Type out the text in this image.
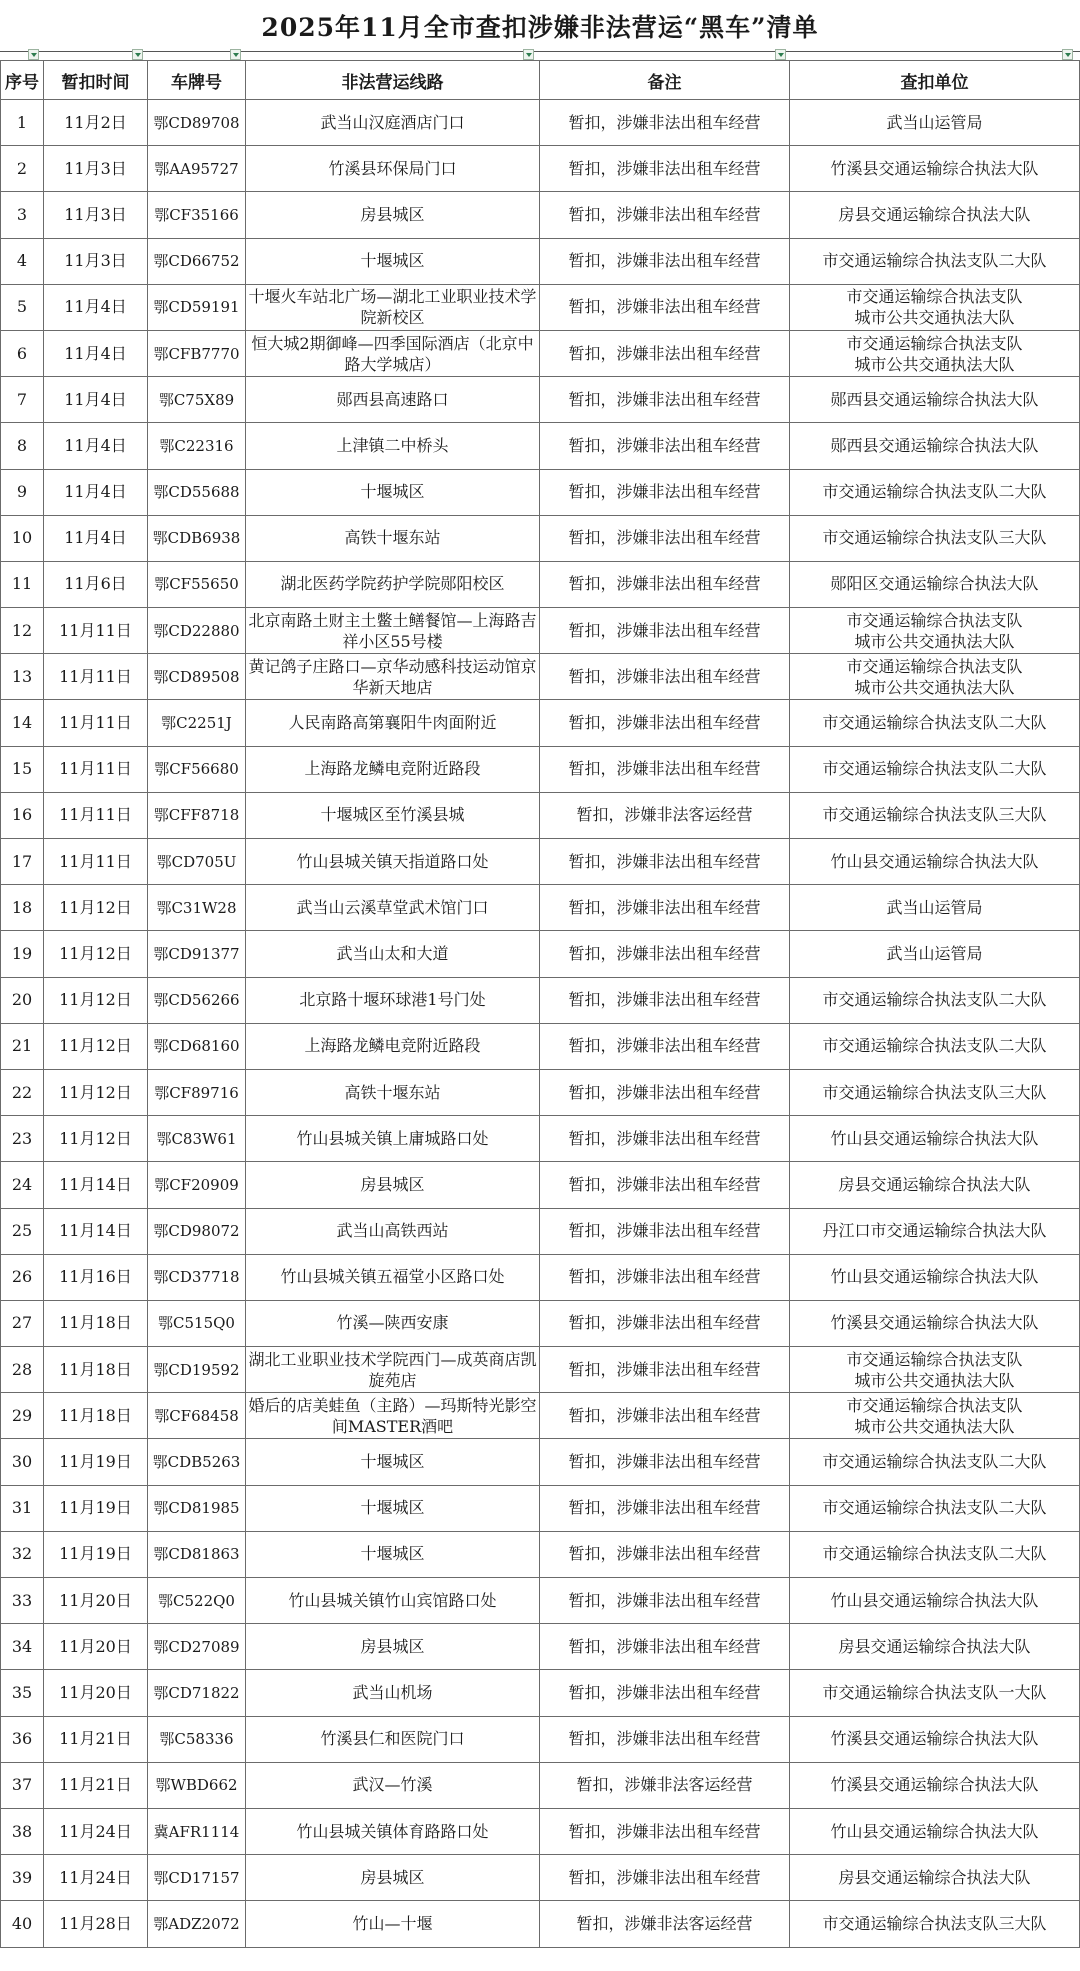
2025年11月全市查扣涉嫌非法营运“黑车”清单
序号	暂扣时间	车牌号	非法营运线路	备注	查扣单位
1	11月2日	鄂CD89708	武当山汉庭酒店门口	暂扣，涉嫌非法出租车经营	武当山运管局
2	11月3日	鄂AA95727	竹溪县环保局门口	暂扣，涉嫌非法出租车经营	竹溪县交通运输综合执法大队
3	11月3日	鄂CF35166	房县城区	暂扣，涉嫌非法出租车经营	房县交通运输综合执法大队
4	11月3日	鄂CD66752	十堰城区	暂扣，涉嫌非法出租车经营	市交通运输综合执法支队二大队
5	11月4日	鄂CD59191	十堰火车站北广场—湖北工业职业技术学院新校区	暂扣，涉嫌非法出租车经营	市交通运输综合执法支队
城市公共交通执法大队
6	11月4日	鄂CFB7770	恒大城2期御峰—四季国际酒店（北京中路大学城店）	暂扣，涉嫌非法出租车经营	市交通运输综合执法支队
城市公共交通执法大队
7	11月4日	鄂C75X89	郧西县高速路口	暂扣，涉嫌非法出租车经营	郧西县交通运输综合执法大队
8	11月4日	鄂C22316	上津镇二中桥头	暂扣，涉嫌非法出租车经营	郧西县交通运输综合执法大队
9	11月4日	鄂CD55688	十堰城区	暂扣，涉嫌非法出租车经营	市交通运输综合执法支队二大队
10	11月4日	鄂CDB6938	高铁十堰东站	暂扣，涉嫌非法出租车经营	市交通运输综合执法支队三大队
11	11月6日	鄂CF55650	湖北医药学院药护学院郧阳校区	暂扣，涉嫌非法出租车经营	郧阳区交通运输综合执法大队
12	11月11日	鄂CD22880	北京南路土财主土鳖土鳝餐馆—上海路吉祥小区55号楼	暂扣，涉嫌非法出租车经营	市交通运输综合执法支队
城市公共交通执法大队
13	11月11日	鄂CD89508	黄记鸽子庄路口—京华动感科技运动馆京华新天地店	暂扣，涉嫌非法出租车经营	市交通运输综合执法支队
城市公共交通执法大队
14	11月11日	鄂C2251J	人民南路高第襄阳牛肉面附近	暂扣，涉嫌非法出租车经营	市交通运输综合执法支队二大队
15	11月11日	鄂CF56680	上海路龙鳞电竞附近路段	暂扣，涉嫌非法出租车经营	市交通运输综合执法支队二大队
16	11月11日	鄂CFF8718	十堰城区至竹溪县城	暂扣，涉嫌非法客运经营	市交通运输综合执法支队三大队
17	11月11日	鄂CD705U	竹山县城关镇天指道路口处	暂扣，涉嫌非法出租车经营	竹山县交通运输综合执法大队
18	11月12日	鄂C31W28	武当山云溪草堂武术馆门口	暂扣，涉嫌非法出租车经营	武当山运管局
19	11月12日	鄂CD91377	武当山太和大道	暂扣，涉嫌非法出租车经营	武当山运管局
20	11月12日	鄂CD56266	北京路十堰环球港1号门处	暂扣，涉嫌非法出租车经营	市交通运输综合执法支队二大队
21	11月12日	鄂CD68160	上海路龙鳞电竞附近路段	暂扣，涉嫌非法出租车经营	市交通运输综合执法支队二大队
22	11月12日	鄂CF89716	高铁十堰东站	暂扣，涉嫌非法出租车经营	市交通运输综合执法支队三大队
23	11月12日	鄂C83W61	竹山县城关镇上庸城路口处	暂扣，涉嫌非法出租车经营	竹山县交通运输综合执法大队
24	11月14日	鄂CF20909	房县城区	暂扣，涉嫌非法出租车经营	房县交通运输综合执法大队
25	11月14日	鄂CD98072	武当山高铁西站	暂扣，涉嫌非法出租车经营	丹江口市交通运输综合执法大队
26	11月16日	鄂CD37718	竹山县城关镇五福堂小区路口处	暂扣，涉嫌非法出租车经营	竹山县交通运输综合执法大队
27	11月18日	鄂C515Q0	竹溪—陕西安康	暂扣，涉嫌非法出租车经营	竹溪县交通运输综合执法大队
28	11月18日	鄂CD19592	湖北工业职业技术学院西门—成英商店凯旋苑店	暂扣，涉嫌非法出租车经营	市交通运输综合执法支队
城市公共交通执法大队
29	11月18日	鄂CF68458	婚后的店美蛙鱼（主路）—玛斯特光影空间MASTER酒吧	暂扣，涉嫌非法出租车经营	市交通运输综合执法支队
城市公共交通执法大队
30	11月19日	鄂CDB5263	十堰城区	暂扣，涉嫌非法出租车经营	市交通运输综合执法支队二大队
31	11月19日	鄂CD81985	十堰城区	暂扣，涉嫌非法出租车经营	市交通运输综合执法支队二大队
32	11月19日	鄂CD81863	十堰城区	暂扣，涉嫌非法出租车经营	市交通运输综合执法支队二大队
33	11月20日	鄂C522Q0	竹山县城关镇竹山宾馆路口处	暂扣，涉嫌非法出租车经营	竹山县交通运输综合执法大队
34	11月20日	鄂CD27089	房县城区	暂扣，涉嫌非法出租车经营	房县交通运输综合执法大队
35	11月20日	鄂CD71822	武当山机场	暂扣，涉嫌非法出租车经营	市交通运输综合执法支队一大队
36	11月21日	鄂C58336	竹溪县仁和医院门口	暂扣，涉嫌非法出租车经营	竹溪县交通运输综合执法大队
37	11月21日	鄂WBD662	武汉—竹溪	暂扣，涉嫌非法客运经营	竹溪县交通运输综合执法大队
38	11月24日	冀AFR1114	竹山县城关镇体育路路口处	暂扣，涉嫌非法出租车经营	竹山县交通运输综合执法大队
39	11月24日	鄂CD17157	房县城区	暂扣，涉嫌非法出租车经营	房县交通运输综合执法大队
40	11月28日	鄂ADZ2072	竹山—十堰	暂扣，涉嫌非法客运经营	市交通运输综合执法支队三大队
